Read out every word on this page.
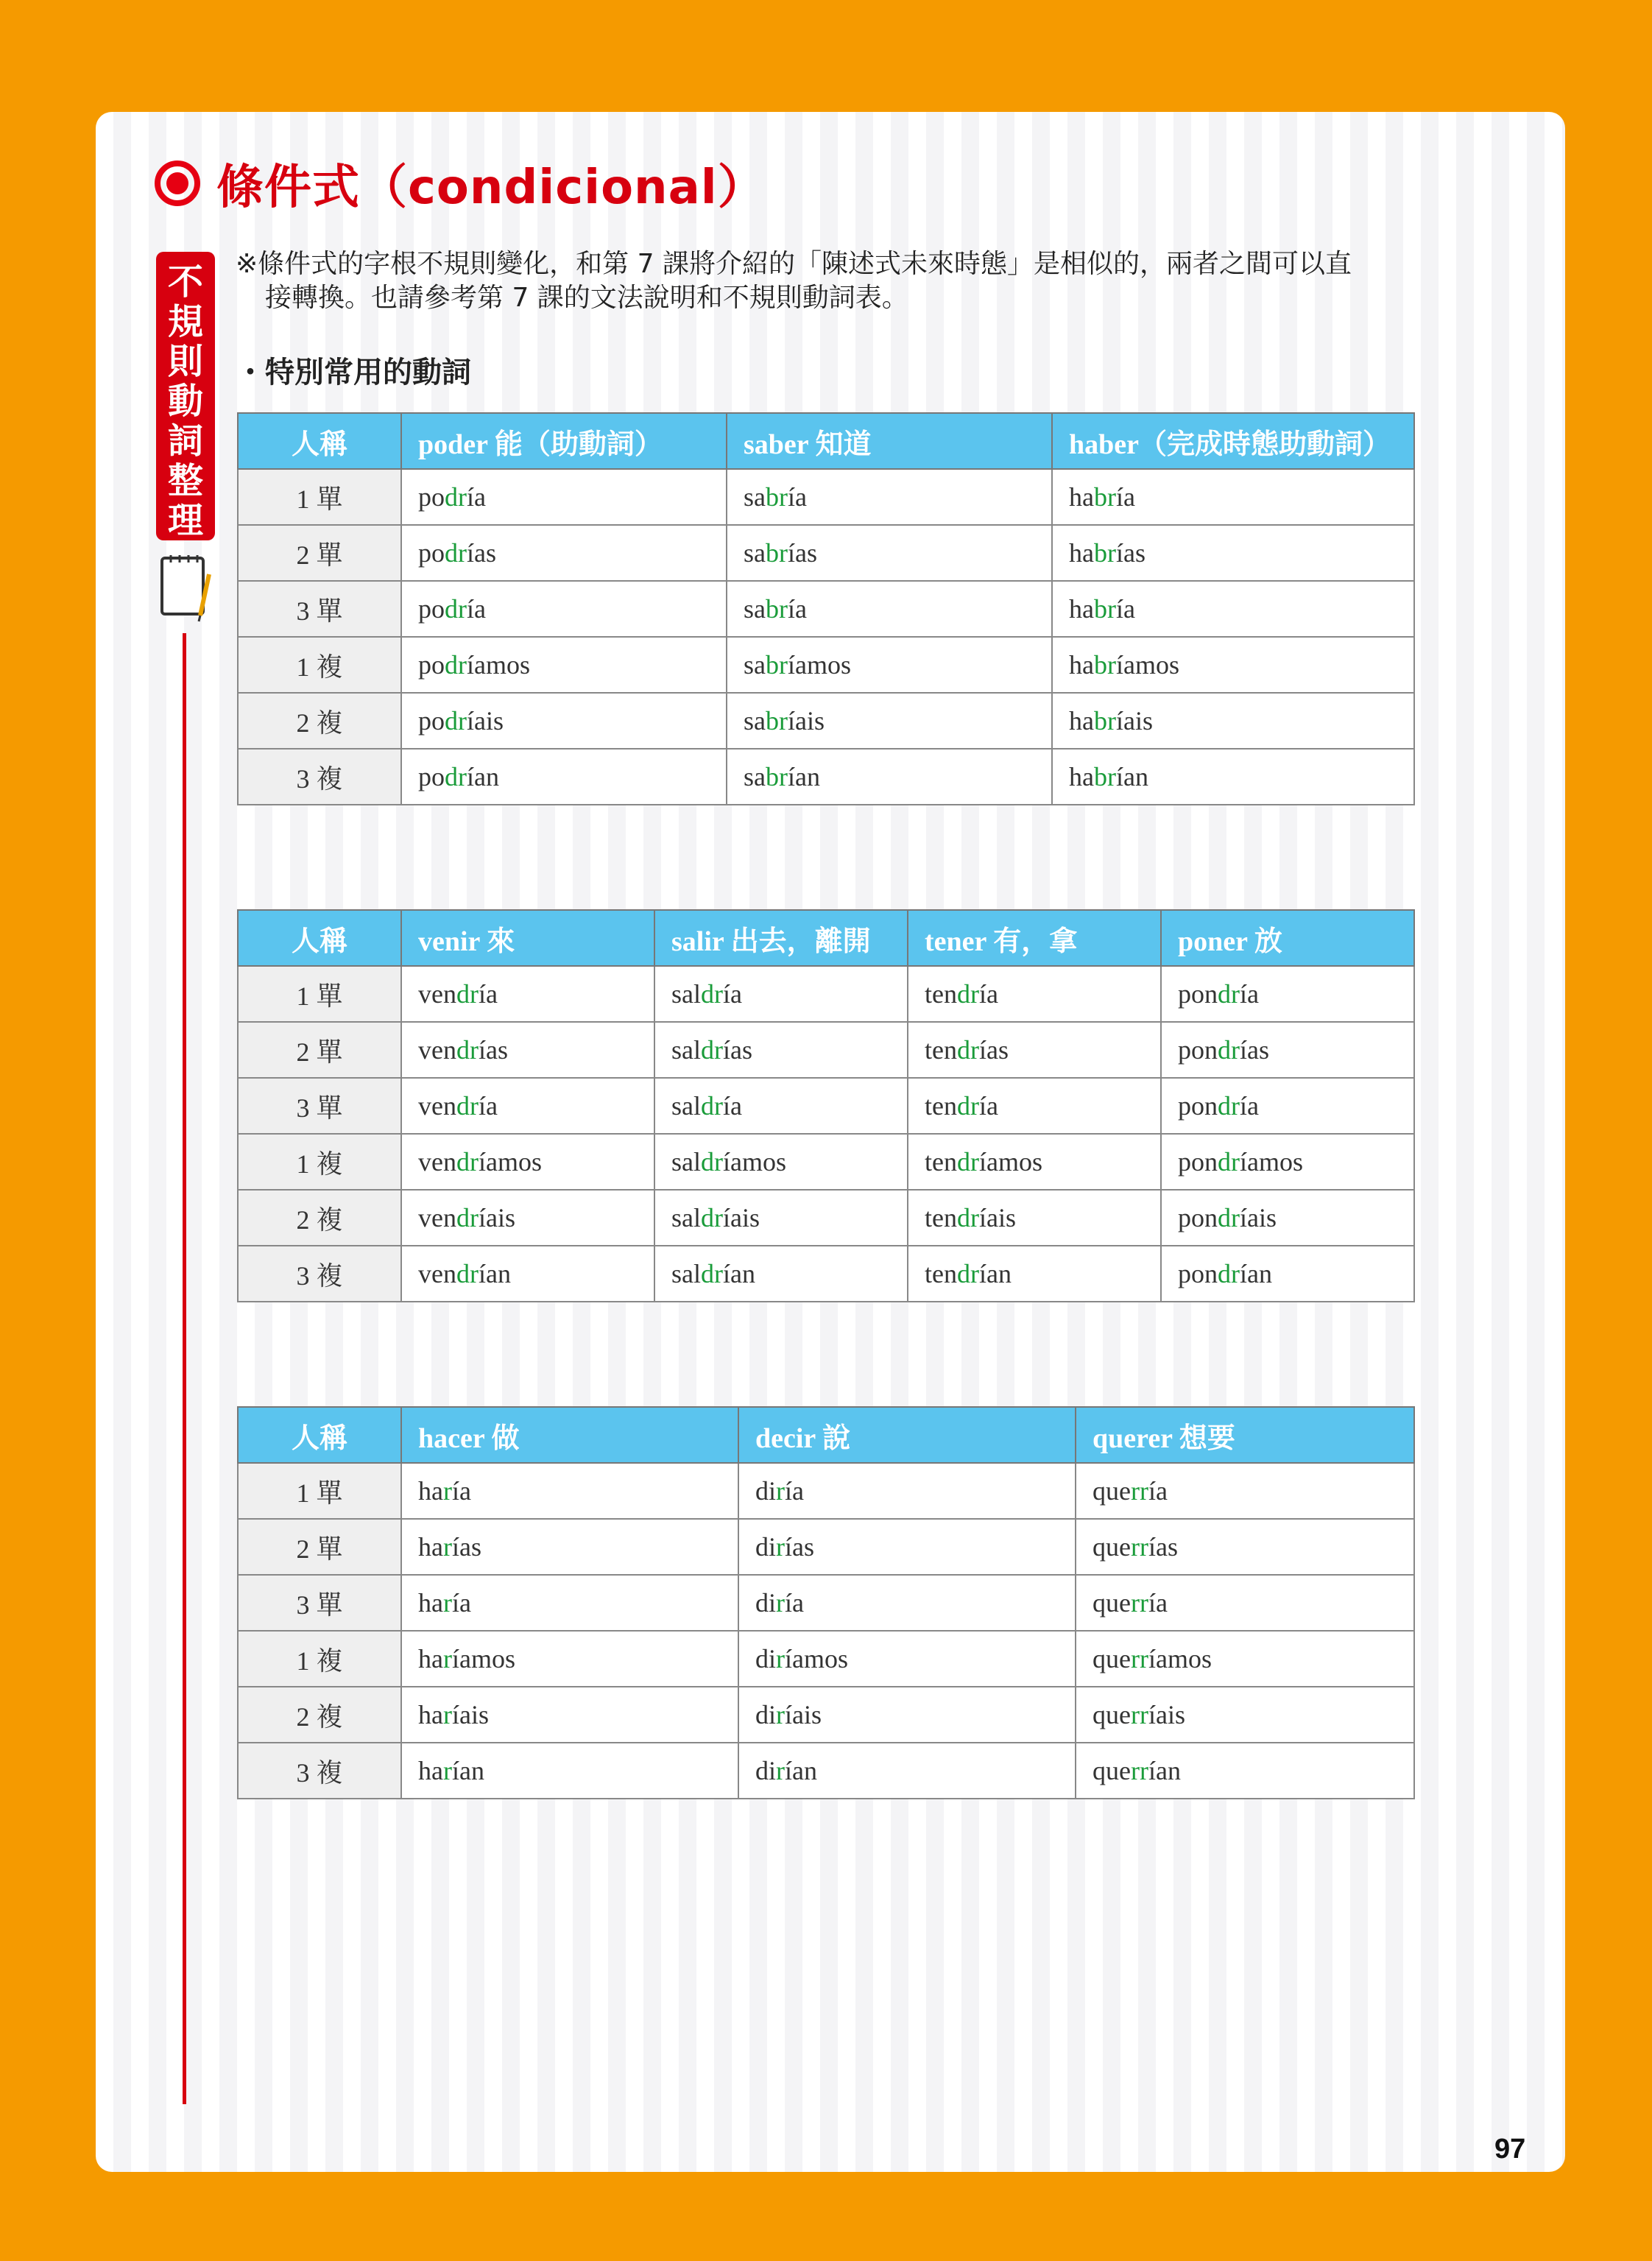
條件式（condicional）
不
規
則
動
詞
整
理
※條件式的字根不規則變化，和第 7 課將介紹的「陳述式未來時態」是相似的，兩者之間可以直
接轉換。也請參考第 7 課的文法說明和不規則動詞表。
・特別常用的動詞
人稱	poder 能（助動詞）	saber 知道	haber（完成時態助動詞）
1 單	podría	sabría	habría
2 單	podrías	sabrías	habrías
3 單	podría	sabría	habría
1 複	podríamos	sabríamos	habríamos
2 複	podríais	sabríais	habríais
3 複	podrían	sabrían	habrían
人稱	venir 來	salir 出去，離開	tener 有，拿	poner 放
1 單	vendría	saldría	tendría	pondría
2 單	vendrías	saldrías	tendrías	pondrías
3 單	vendría	saldría	tendría	pondría
1 複	vendríamos	saldríamos	tendríamos	pondríamos
2 複	vendríais	saldríais	tendríais	pondríais
3 複	vendrían	saldrían	tendrían	pondrían
人稱	hacer 做	decir 說	querer 想要
1 單	haría	diría	querría
2 單	harías	dirías	querrías
3 單	haría	diría	querría
1 複	haríamos	diríamos	querríamos
2 複	haríais	diríais	querríais
3 複	harían	dirían	querrían
97
